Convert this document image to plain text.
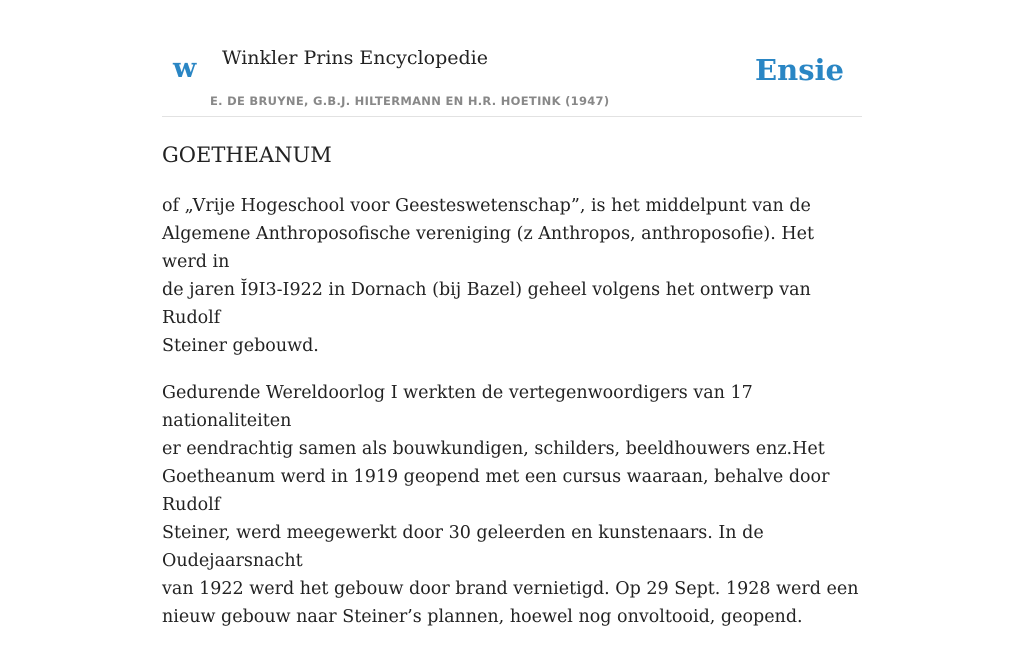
w Winkler Prins Encyclopedie
E. DE BRUYNE, G.B.J. HILTERMANN EN H.R. HOETINK (1947)
Ensie
GOETHEANUM

of „Vrije Hogeschool voor Geesteswetenschap”, is het middelpunt van de
Algemene Anthroposofische vereniging (z Anthropos, anthroposofie). Het werd in
de jaren Ĭ9I3-I922 in Dornach (bij Bazel) geheel volgens het ontwerp van Rudolf
Steiner gebouwd.

Gedurende Wereldoorlog I werkten de vertegenwoordigers van 17 nationaliteiten
er eendrachtig samen als bouwkundigen, schilders, beeldhouwers enz.Het
Goetheanum werd in 1919 geopend met een cursus waaraan, behalve door Rudolf
Steiner, werd meegewerkt door 30 geleerden en kunstenaars. In de Oudejaarsnacht
van 1922 werd het gebouw door brand vernietigd. Op 29 Sept. 1928 werd een
nieuw gebouw naar Steiner’s plannen, hoewel nog onvoltooid, geopend.
